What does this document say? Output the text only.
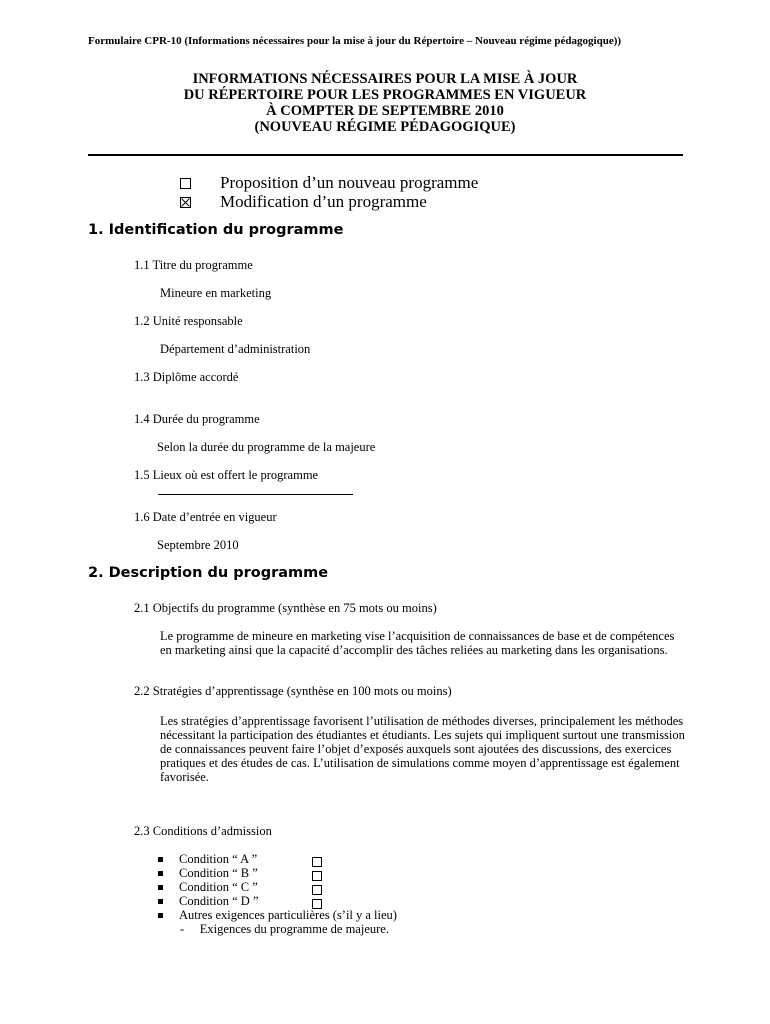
Formulaire CPR-10 (Informations nécessaires pour la mise à jour du Répertoire – Nouveau régime pédagogique))
INFORMATIONS NÉCESSAIRES POUR LA MISE À JOUR
DU RÉPERTOIRE POUR LES PROGRAMMES EN VIGUEUR
À COMPTER DE SEPTEMBRE 2010
(NOUVEAU RÉGIME PÉDAGOGIQUE)
Proposition d’un nouveau programme
Modification d’un programme
1. Identification du programme
1.1 Titre du programme
Mineure en marketing
1.2 Unité responsable
Département d’administration
1.3 Diplôme accordé
1.4 Durée du programme
Selon la durée du programme de la majeure
1.5 Lieux où est offert le programme
1.6 Date d’entrée en vigueur
Septembre 2010
2. Description du programme
2.1 Objectifs du programme (synthèse en 75 mots ou moins)
Le programme de mineure en marketing vise l’acquisition de connaissances de base et de compétences en marketing ainsi que la capacité d’accomplir des tâches reliées au marketing dans les organisations.
2.2 Stratégies d’apprentissage (synthèse en 100 mots ou moins)
Les stratégies d’apprentissage favorisent l’utilisation de méthodes diverses, principalement les méthodes nécessitant la participation des étudiantes et étudiants. Les sujets qui impliquent surtout une transmission de connaissances peuvent faire l’objet d’exposés auxquels sont ajoutées des discussions, des exercices pratiques et des études de cas. L’utilisation de simulations comme moyen d’apprentissage est également favorisée.
2.3 Conditions d’admission
Condition “ A ”
Condition “ B ”
Condition “ C ”
Condition “ D ”
Autres exigences particulières (s’il y a lieu)
-     Exigences du programme de majeure.
